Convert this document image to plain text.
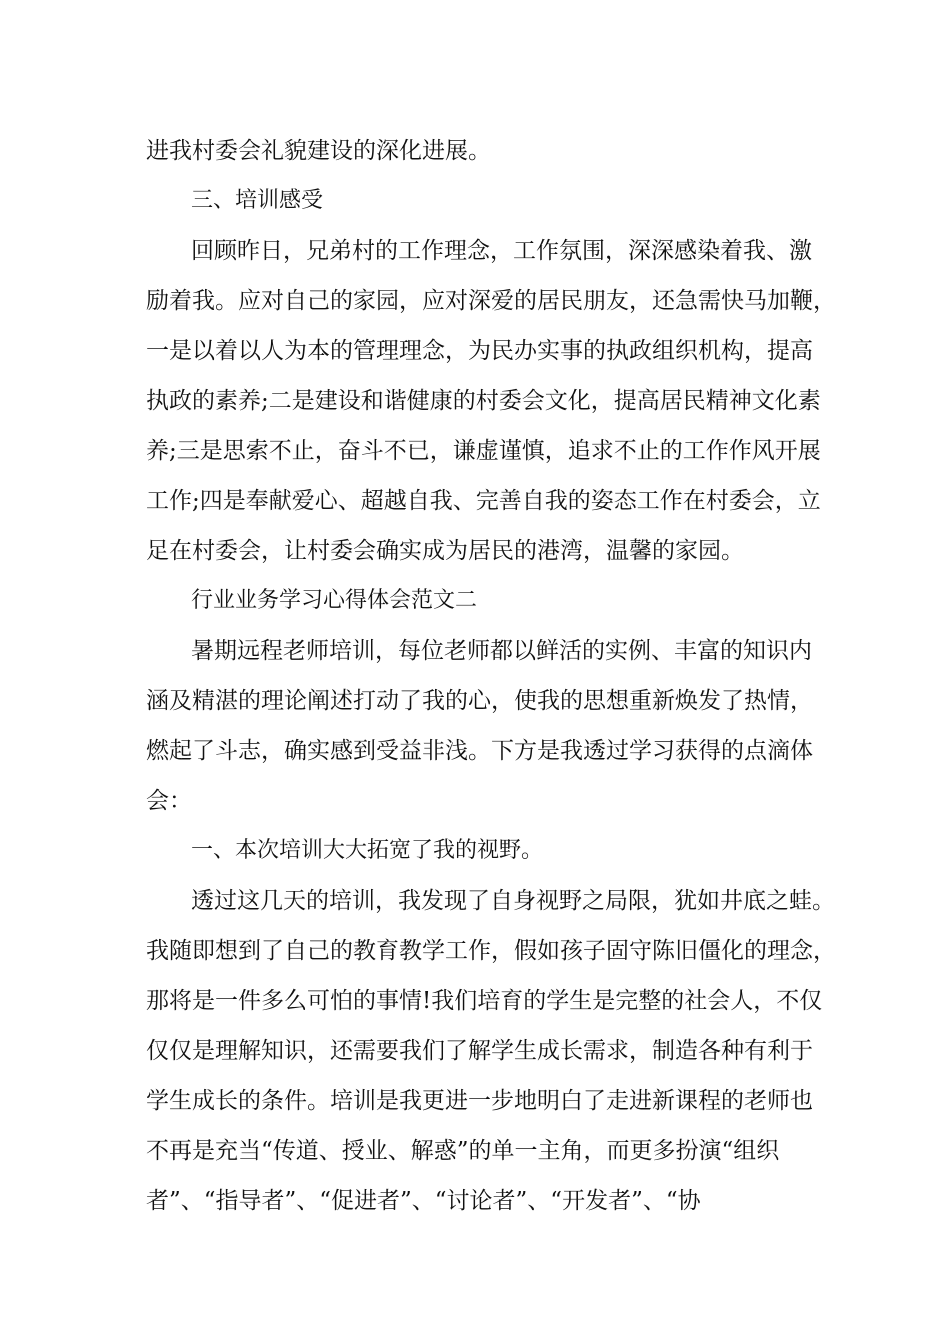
进我村委会礼貌建设的深化进展。

三、培训感受

回顾昨日，兄弟村的工作理念，工作氛围，深深感染着我、激

励着我。应对自己的家园，应对深爱的居民朋友，还急需快马加鞭，

一是以着以人为本的管理理念，为民办实事的执政组织机构，提高

执政的素养;二是建设和谐健康的村委会文化，提高居民精神文化素

养;三是思索不止，奋斗不已，谦虚谨慎，追求不止的工作作风开展

工作;四是奉献爱心、超越自我、完善自我的姿态工作在村委会，立

足在村委会，让村委会确实成为居民的港湾，温馨的家园。

行业业务学习心得体会范文二

暑期远程老师培训，每位老师都以鲜活的实例、丰富的知识内

涵及精湛的理论阐述打动了我的心，使我的思想重新焕发了热情，

燃起了斗志，确实感到受益非浅。下方是我透过学习获得的点滴体

会：

一、本次培训大大拓宽了我的视野。

透过这几天的培训，我发现了自身视野之局限，犹如井底之蛙。

我随即想到了自己的教育教学工作，假如孩子固守陈旧僵化的理念，

那将是一件多么可怕的事情!我们培育的学生是完整的社会人，不仅

仅仅是理解知识，还需要我们了解学生成长需求，制造各种有利于

学生成长的条件。培训是我更进一步地明白了走进新课程的老师也

不再是充当“传道、授业、解惑”的单一主角，而更多扮演“组织

者”、“指导者”、“促进者”、“讨论者”、“开发者”、“协
